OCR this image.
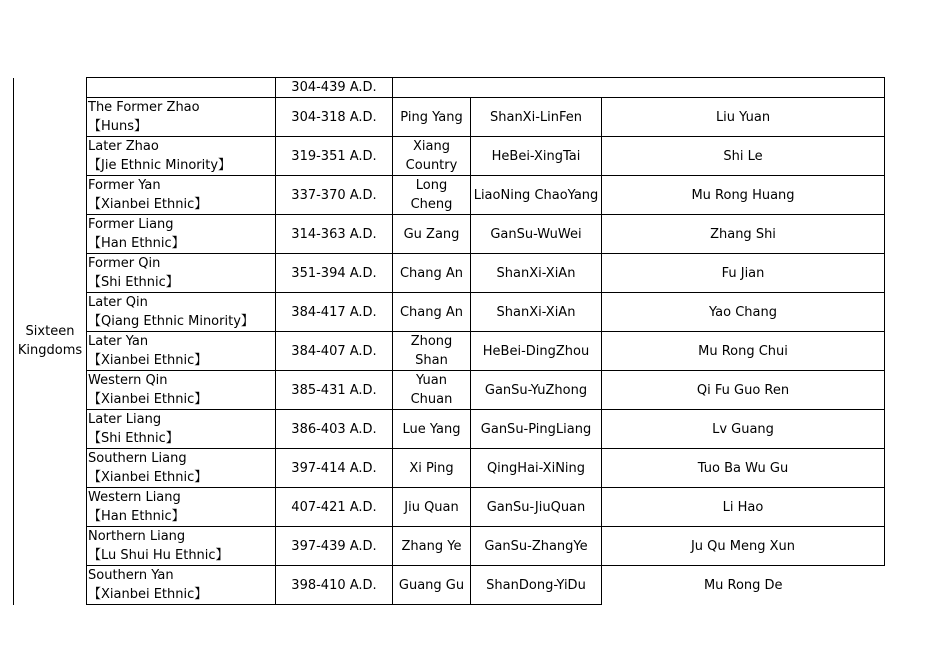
Sixteen
Kingdoms		304-439 A.D.			

	The Former Zhao
【Huns】	304-318 A.D.	Ping Yang	ShanXi-LinFen	Liu Yuan

	Later Zhao
【Jie Ethnic Minority】	319-351 A.D.	Xiang Country	HeBei-XingTai	Shi Le

	Former Yan
【Xianbei Ethnic】	337-370 A.D.	Long Cheng	LiaoNing ChaoYang	Mu Rong Huang

	Former Liang
【Han Ethnic】	314-363 A.D.	Gu Zang	GanSu-WuWei	Zhang Shi

	Former Qin
【Shi Ethnic】	351-394 A.D.	Chang An	ShanXi-XiAn	Fu Jian

	Later Qin
【Qiang Ethnic Minority】	384-417 A.D.	Chang An	ShanXi-XiAn	Yao Chang

	Later Yan
【Xianbei Ethnic】	384-407 A.D.	Zhong Shan	HeBei-DingZhou	Mu Rong Chui

	Western Qin
【Xianbei Ethnic】	385-431 A.D.	Yuan Chuan	GanSu-YuZhong	Qi Fu Guo Ren

	Later Liang
【Shi Ethnic】	386-403 A.D.	Lue Yang	GanSu-PingLiang	Lv Guang

	Southern Liang
【Xianbei Ethnic】	397-414 A.D.	Xi Ping	QingHai-XiNing	Tuo Ba Wu Gu

	Western Liang
【Han Ethnic】	407-421 A.D.	Jiu Quan	GanSu-JiuQuan	Li Hao

	Northern Liang
【Lu Shui Hu Ethnic】	397-439 A.D.	Zhang Ye	GanSu-ZhangYe	Ju Qu Meng Xun

	Southern Yan
【Xianbei Ethnic】	398-410 A.D.	Guang Gu	ShanDong-YiDu	Mu Rong De
